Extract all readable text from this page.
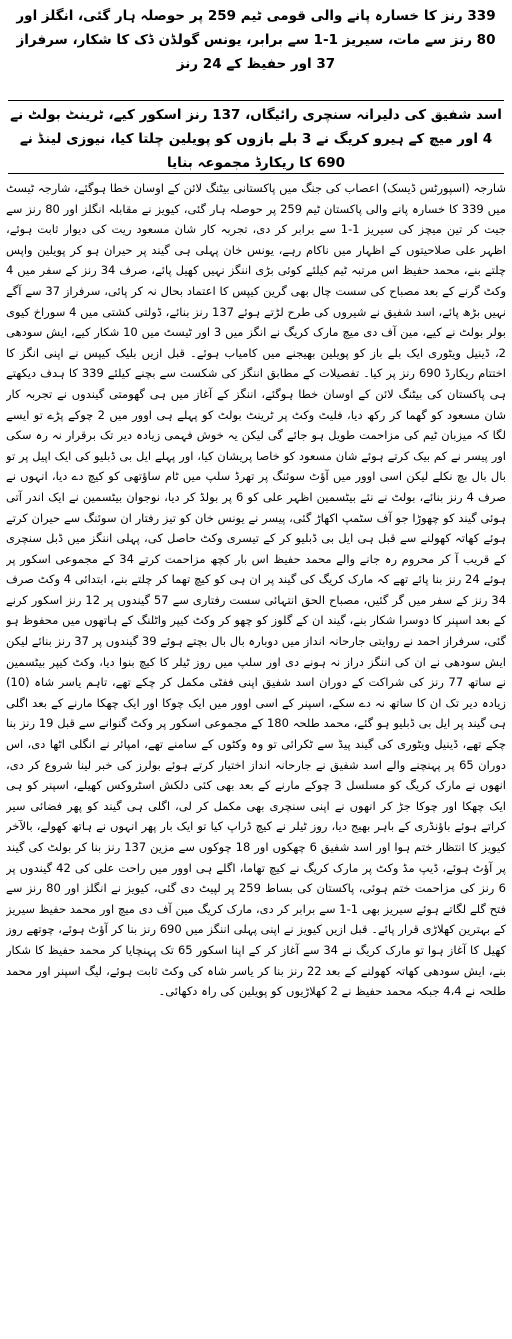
339 رنز کا خسارہ پانے والی قومی ٹیم 259 پر حوصلہ ہار گئی، انگلز اور 80 رنز سے مات، سیریز 1-1 سے برابر، یونس گولڈن ڈک کا شکار، سرفراز 37 اور حفیظ کے 24 رنز
اسد شفیق کی دلیرانہ سنچری رائیگاں، 137 رنز اسکور کیے، ٹرینٹ بولٹ نے 4 اور میچ کے ہیرو کریگ نے 3 بلے بازوں کو پویلین چلتا کیا، نیوزی لینڈ نے 690 کا ریکارڈ مجموعہ بنایا

شارجہ (اسپورٹس ڈیسک) اعصاب کی جنگ میں پاکستانی بیٹنگ لائن کے اوسان خطا ہوگئے، شارجہ ٹیسٹ میں 339 کا خسارہ پانے والی پاکستان ٹیم 259 پر حوصلہ ہار گئی، کیویز نے مقابلہ انگلز اور 80 رنز سے جیت کر تین میچز کی سیریز 1-1 سے برابر کر دی، تجربہ کار شان مسعود ریت کی دیوار ثابت ہوئے، اظہر علی صلاحیتوں کے اظہار میں ناکام رہے، یونس خان پہلی ہی گیند پر حیران ہو کر پویلین واپس چلتے بنے، محمد حفیظ اس مرتبہ ٹیم کیلئے کوئی بڑی اننگز نہیں کھیل پائے، صرف 34 رنز کے سفر میں 4 وکٹ گرنے کے بعد مصباح کی سست چال بھی گرین کیپس کا اعتماد بحال نہ کر پائی، سرفراز 37 سے آگے نہیں بڑھ پائے، اسد شفیق نے شیروں کی طرح لڑتے ہوئے 137 رنز بنائے، ڈولتی کشتی میں 4 سوراخ کیوی بولر بولٹ نے کیے، مین آف دی میچ مارک کریگ نے انگز میں 3 اور ٹیسٹ میں 10 شکار کیے، ایش سودھی 2، ڈینیل ویٹوری ایک بلے باز کو پویلین بھیجنے میں کامیاب ہوئے۔ قبل ازیں بلیک کیپس نے اپنی انگز کا اختتام ریکارڈ 690 رنز پر کیا۔ تفصیلات کے مطابق اننگز کی شکست سے بچنے کیلئے 339 کا ہدف دیکھتے ہی پاکستان کی بیٹنگ لائن کے اوسان خطا ہوگئے، اننگز کے آغاز میں ہی گھومتی گیندوں نے تجربہ کار شان مسعود کو گھما کر رکھ دیا، فلیٹ وکٹ پر ٹرینٹ بولٹ کو پہلے ہی اوور میں 2 چوکے پڑے تو ایسے لگا کہ میزبان ٹیم کی مزاحمت طویل ہو جائے گی لیکن یہ خوش فہمی زیادہ دیر تک برقرار نہ رہ سکی اور پیسر نے کم بیک کرتے ہوئے شان مسعود کو خاصا پریشان کیا، اور پہلے ایل بی ڈبلیو کی ایک اپیل پر تو بال بال بچ نکلے لیکن اسی اوور میں آؤٹ سوئنگ پر تھرڈ سلپ میں ٹام ساؤتھی کو کیچ دے دیا، انہوں نے صرف 4 رنز بنائے، بولٹ نے نئے بیٹسمین اظہر علی کو 6 پر بولڈ کر دیا، نوجوان بیٹسمین نے ایک اندر آتی ہوئی گیند کو چھوڑا جو آف سٹمپ اکھاڑ گئی، پیسر نے یونس خان کو تیز رفتار ان سوئنگ سے حیران کرتے ہوئے کھاتہ کھولنے سے قبل ہی ایل بی ڈبلیو کر کے تیسری وکٹ حاصل کی، پہلی اننگز میں ڈبل سنچری کے قریب آ کر محروم رہ جانے والے محمد حفیظ اس بار کچھ مزاحمت کرتے 34 کے مجموعی اسکور پر ہوئے 24 رنز بنا پائے تھے کہ مارک کریگ کی گیند پر ان ہی کو کیچ تھما کر چلتے بنے، ابتدائی 4 وکٹ صرف 34 رنز کے سفر میں گر گئیں، مصباح الحق انتہائی سست رفتاری سے 57 گیندوں پر 12 رنز اسکور کرنے کے بعد اسپنر کا دوسرا شکار بنے، گیند ان کے گلوز کو چھو کر وکٹ کیپر واٹلنگ کے ہاتھوں میں محفوظ ہو گئی، سرفراز احمد نے روایتی جارحانہ انداز میں دوبارہ بال بال بچتے ہوئے 39 گیندوں پر 37 رنز بنائے لیکن ایش سودھی نے ان کی اننگز دراز نہ ہونے دی اور سلپ میں روز ٹیلر کا کیچ بنوا دیا، وکٹ کیپر بیٹسمین نے ساتھ 77 رنز کی شراکت کے دوران اسد شفیق اپنی ففٹی مکمل کر چکے تھے، تاہم یاسر شاہ (10) زیادہ دیر تک ان کا ساتھ نہ دے سکے، اسپنر کے اسی اوور میں ایک چوکا اور ایک چھکا مارنے کے بعد اگلی ہی گیند پر ایل بی ڈبلیو ہو گئے، محمد طلحہ 180 کے مجموعی اسکور پر وکٹ گنوانے سے قبل 19 رنز بنا چکے تھے، ڈینیل ویٹوری کی گیند پیڈ سے ٹکرائی تو وہ وکٹوں کے سامنے تھے، امپائر نے انگلی اٹھا دی، اس دوران 65 پر پہنچنے والے اسد شفیق نے جارحانہ انداز اختیار کرتے ہوئے بولرز کی خبر لینا شروع کر دی، انھوں نے مارک کریگ کو مسلسل 3 چوکے مارنے کے بعد بھی کئی دلکش اسٹروکس کھیلے، اسپنر کو ہی ایک چھکا اور چوکا جڑ کر انھوں نے اپنی سنچری بھی مکمل کر لی، اگلی ہی گیند کو پھر فضائی سیر کراتے ہوئے باؤنڈری کے باہر بھیج دیا، روز ٹیلر نے کیچ ڈراپ کیا تو ایک بار پھر انہوں نے ہاتھ کھولے، بالآخر کیویز کا انتظار ختم ہوا اور اسد شفیق 6 چھکوں اور 18 چوکوں سے مزین 137 رنز بنا کر بولٹ کی گیند پر آؤٹ ہوئے، ڈیپ مڈ وکٹ پر مارک کریگ نے کیچ تھاما، اگلے ہی اوور میں راحت علی کی 42 گیندوں پر 6 رنز کی مزاحمت ختم ہوئی، پاکستان کی بساط 259 پر لپیٹ دی گئی، کیویز نے انگلز اور 80 رنز سے فتح گلے لگاتے ہوئے سیریز بھی 1-1 سے برابر کر دی، مارک کریگ مین آف دی میچ اور محمد حفیظ سیریز کے بہترین کھلاڑی قرار پائے۔ قبل ازیں کیویز نے اپنی پہلی اننگز میں 690 رنز بنا کر آؤٹ ہوئے، چوتھے روز کھیل کا آغاز ہوا تو مارک کریگ نے 34 سے آغاز کر کے اپنا اسکور 65 تک پہنچایا کر محمد حفیظ کا شکار بنے، ایش سودھی کھاتہ کھولنے کے بعد 22 رنز بنا کر یاسر شاہ کی وکٹ ثابت ہوئے، لیگ اسپنر اور محمد طلحہ نے 4،4 جبکہ محمد حفیظ نے 2 کھلاڑیوں کو پویلین کی راہ دکھائی۔
